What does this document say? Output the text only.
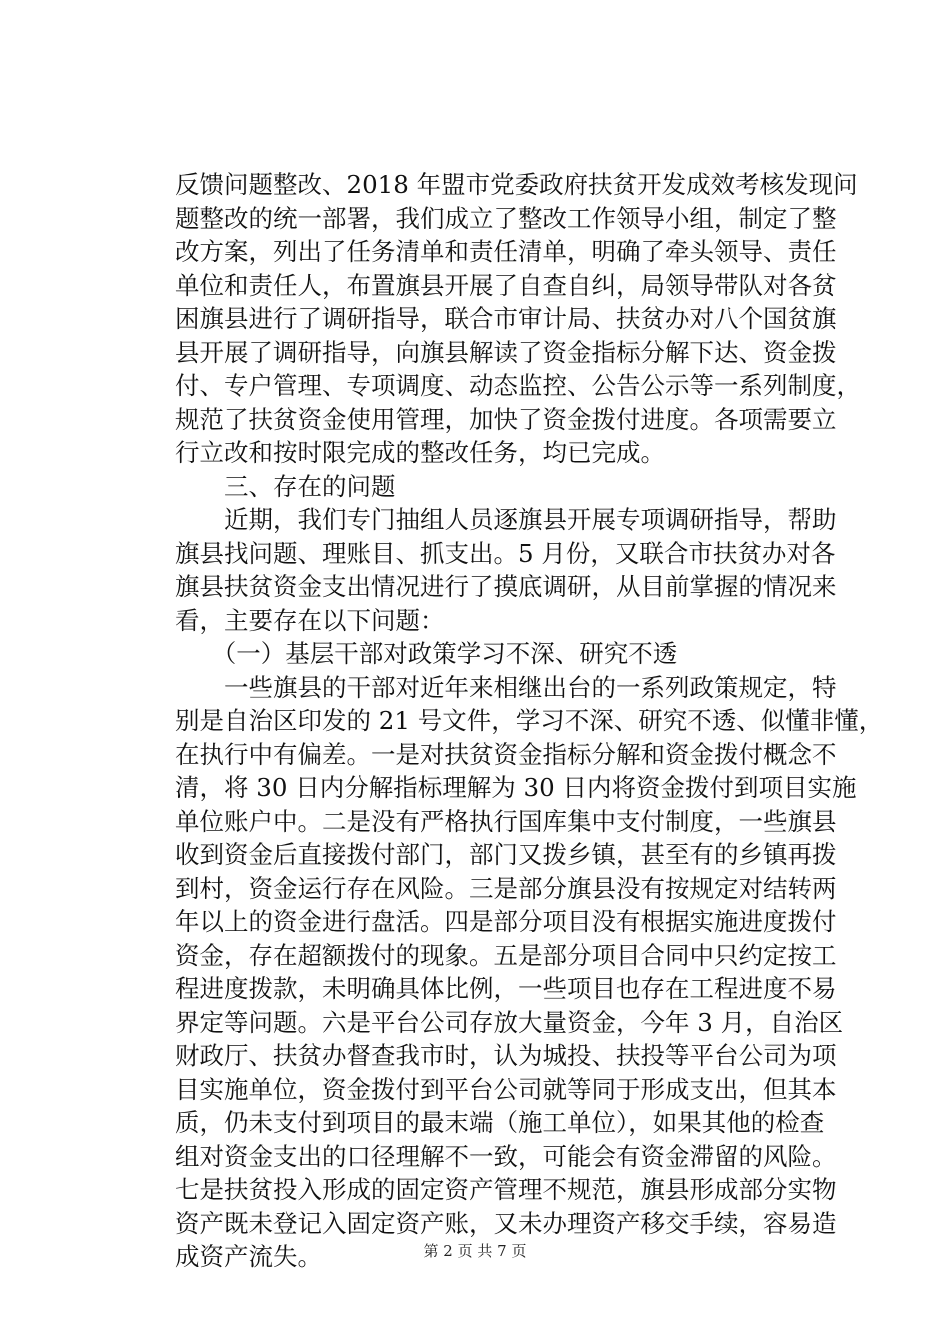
反馈问题整改、2018 年盟市党委政府扶贫开发成效考核发现问
题整改的统一部署，我们成立了整改工作领导小组，制定了整
改方案，列出了任务清单和责任清单，明确了牵头领导、责任
单位和责任人，布置旗县开展了自查自纠，局领导带队对各贫
困旗县进行了调研指导，联合市审计局、扶贫办对八个国贫旗
县开展了调研指导，向旗县解读了资金指标分解下达、资金拨
付、专户管理、专项调度、动态监控、公告公示等一系列制度，
规范了扶贫资金使用管理，加快了资金拨付进度。各项需要立
行立改和按时限完成的整改任务，均已完成。
　　三、存在的问题
　　近期，我们专门抽组人员逐旗县开展专项调研指导，帮助
旗县找问题、理账目、抓支出。5 月份，又联合市扶贫办对各
旗县扶贫资金支出情况进行了摸底调研，从目前掌握的情况来
看，主要存在以下问题：
　　（一）基层干部对政策学习不深、研究不透
　　一些旗县的干部对近年来相继出台的一系列政策规定，特
别是自治区印发的 21 号文件，学习不深、研究不透、似懂非懂，
在执行中有偏差。一是对扶贫资金指标分解和资金拨付概念不
清，将 30 日内分解指标理解为 30 日内将资金拨付到项目实施
单位账户中。二是没有严格执行国库集中支付制度，一些旗县
收到资金后直接拨付部门，部门又拨乡镇，甚至有的乡镇再拨
到村，资金运行存在风险。三是部分旗县没有按规定对结转两
年以上的资金进行盘活。四是部分项目没有根据实施进度拨付
资金，存在超额拨付的现象。五是部分项目合同中只约定按工
程进度拨款，未明确具体比例，一些项目也存在工程进度不易
界定等问题。六是平台公司存放大量资金，今年 3 月，自治区
财政厅、扶贫办督查我市时，认为城投、扶投等平台公司为项
目实施单位，资金拨付到平台公司就等同于形成支出，但其本
质，仍未支付到项目的最末端（施工单位），如果其他的检查
组对资金支出的口径理解不一致，可能会有资金滞留的风险。
七是扶贫投入形成的固定资产管理不规范，旗县形成部分实物
资产既未登记入固定资产账，又未办理资产移交手续，容易造
成资产流失。	第 2 页 共 7 页
